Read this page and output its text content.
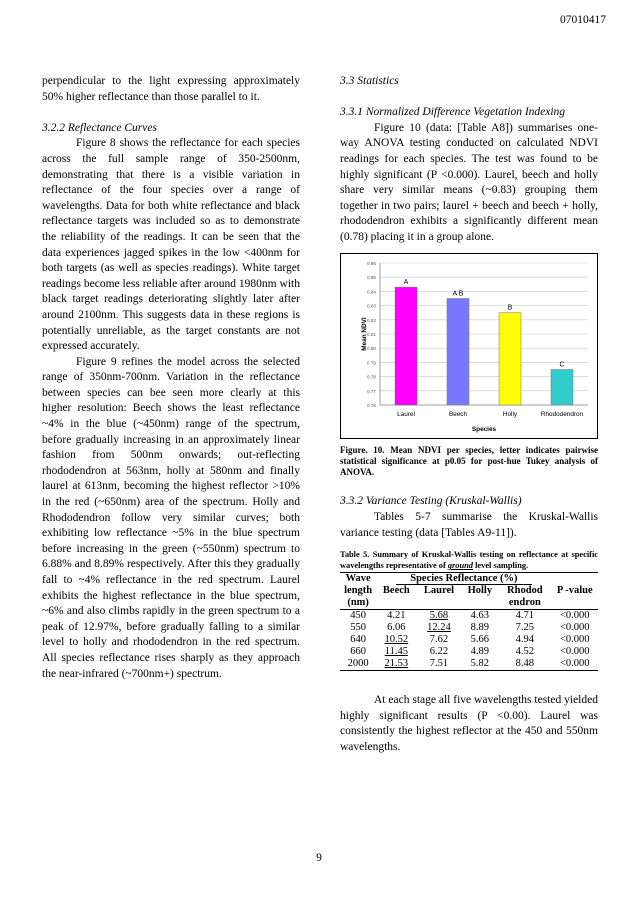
07010417

perpendicular to the light expressing approximately 50% higher reflectance than those parallel to it.

3.2.2 Reflectance Curves

Figure 8 shows the reflectance for each species across the full sample range of 350-2500nm, demonstrating that there is a visible variation in reflectance of the four species over a range of wavelengths. Data for both white reflectance and black reflectance targets was included so as to demonstrate the reliability of the readings. It can be seen that the data experiences jagged spikes in the low <400nm for both targets (as well as species readings). White target readings become less reliable after around 1980nm with black target readings deteriorating slightly later after around 2100nm. This suggests data in these regions is potentially unreliable, as the target constants are not expressed accurately.

Figure 9 refines the model across the selected range of 350nm-700nm. Variation in the reflectance between species can bee seen more clearly at this higher resolution: Beech shows the least reflectance ~4% in the blue (~450nm) range of the spectrum, before gradually increasing in an approximately linear fashion from 500nm onwards; out-reflecting rhododendron at 563nm, holly at 580nm and finally laurel at 613nm, becoming the highest reflector >10% in the red (~650nm) area of the spectrum. Holly and Rhododendron follow very similar curves; both exhibiting low reflectance ~5% in the blue spectrum before increasing in the green (~550nm) spectrum to 6.88% and 8.89% respectively. After this they gradually fall to ~4% reflectance in the red spectrum. Laurel exhibits the highest reflectance in the blue spectrum, ~6% and also climbs rapidly in the green spectrum to a peak of 12.97%, before gradually falling to a similar level to holly and rhododendron in the red spectrum. All species reflectance rises sharply as they approach the near-infrared (~700nm+) spectrum.

3.3 Statistics

3.3.1 Normalized Difference Vegetation Indexing

Figure 10 (data: [Table A8]) summarises one-way ANOVA testing conducted on calculated NDVI readings for each species. The test was found to be highly significant (P <0.000). Laurel, beech and holly share very similar means (~0.83) grouping them together in two pairs; laurel + beech and beech + holly, rhododendron exhibits a significantly different mean (0.78) placing it in a group alone.

0.76
0.77
0.78
0.79
0.80
0.81
0.82
0.83
0.84
0.85
0.86
A
Laurel
A B
Beech
B
Holly
C
Rhododendron
Species
Mean NDVI

Figure. 10. Mean NDVI per species, letter indicates pairwise statistical significance at p0.05 for post-hue Tukey analysis of ANOVA.

3.3.2 Variance Testing (Kruskal-Wallis)

Tables 5-7 summarise the Kruskal-Wallis variance testing (data [Tables A9-11]).

Table 5. Summary of Kruskal-Wallis testing on reflectance at specific wavelengths representative of ground level sampling.

Wave	Species Reflectance (%)				
length	Beech	Laurel	Holly	Rhodod	P -value
(nm)				endron	
450	4.21	5.68	4.63	4.71	<0.000
550	6.06	12.24	8.89	7.25	<0.000
640	10.52	7.62	5.66	4.94	<0.000
660	11.45	6.22	4.89	4.52	<0.000
2000	21.53	7.51	5.82	8.48	<0.000

At each stage all five wavelengths tested yielded highly significant results (P <0.00). Laurel was consistently the highest reflector at the 450 and 550nm wavelengths.

9
